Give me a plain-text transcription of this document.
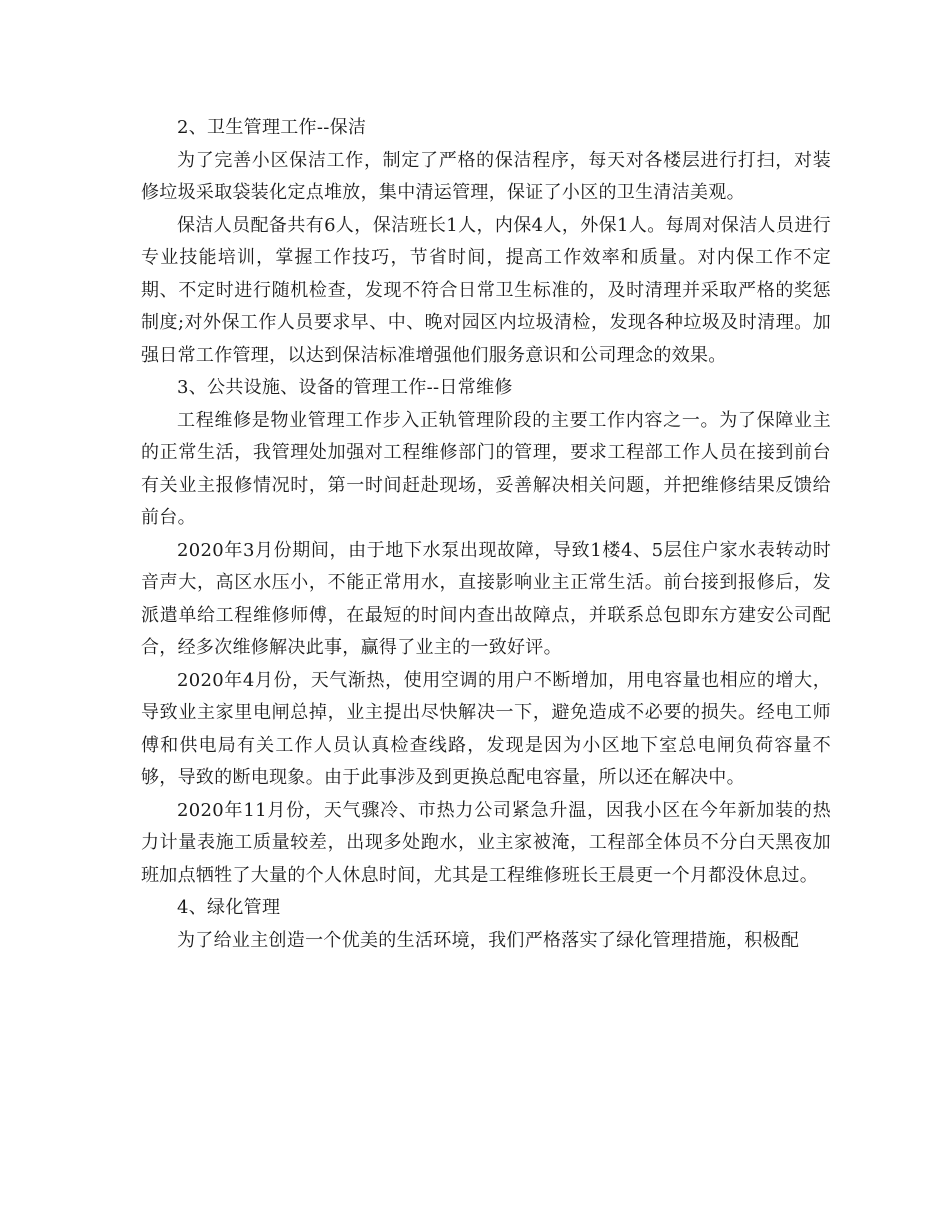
2、卫生管理工作--保洁

为了完善小区保洁工作，制定了严格的保洁程序，每天对各楼层进行打扫，对装修垃圾采取袋装化定点堆放，集中清运管理，保证了小区的卫生清洁美观。

保洁人员配备共有6人，保洁班长1人，内保4人，外保1人。每周对保洁人员进行专业技能培训，掌握工作技巧，节省时间，提高工作效率和质量。对内保工作不定期、不定时进行随机检查，发现不符合日常卫生标准的，及时清理并采取严格的奖惩制度;对外保工作人员要求早、中、晚对园区内垃圾清检，发现各种垃圾及时清理。加强日常工作管理，以达到保洁标准增强他们服务意识和公司理念的效果。

3、公共设施、设备的管理工作--日常维修

工程维修是物业管理工作步入正轨管理阶段的主要工作内容之一。为了保障业主的正常生活，我管理处加强对工程维修部门的管理，要求工程部工作人员在接到前台有关业主报修情况时，第一时间赶赴现场，妥善解决相关问题，并把维修结果反馈给前台。

2020年3月份期间，由于地下水泵出现故障，导致1楼4、5层住户家水表转动时音声大，高区水压小，不能正常用水，直接影响业主正常生活。前台接到报修后，发派遣单给工程维修师傅，在最短的时间内查出故障点，并联系总包即东方建安公司配合，经多次维修解决此事，赢得了业主的一致好评。

2020年4月份，天气渐热，使用空调的用户不断增加，用电容量也相应的增大，导致业主家里电闸总掉，业主提出尽快解决一下，避免造成不必要的损失。经电工师傅和供电局有关工作人员认真检查线路，发现是因为小区地下室总电闸负荷容量不够，导致的断电现象。由于此事涉及到更换总配电容量，所以还在解决中。

2020年11月份，天气骤冷、市热力公司紧急升温，因我小区在今年新加装的热力计量表施工质量较差，出现多处跑水，业主家被淹，工程部全体员不分白天黑夜加班加点牺牲了大量的个人休息时间，尤其是工程维修班长王晨更一个月都没休息过。

4、绿化管理

为了给业主创造一个优美的生活环境，我们严格落实了绿化管理措施，积极配
